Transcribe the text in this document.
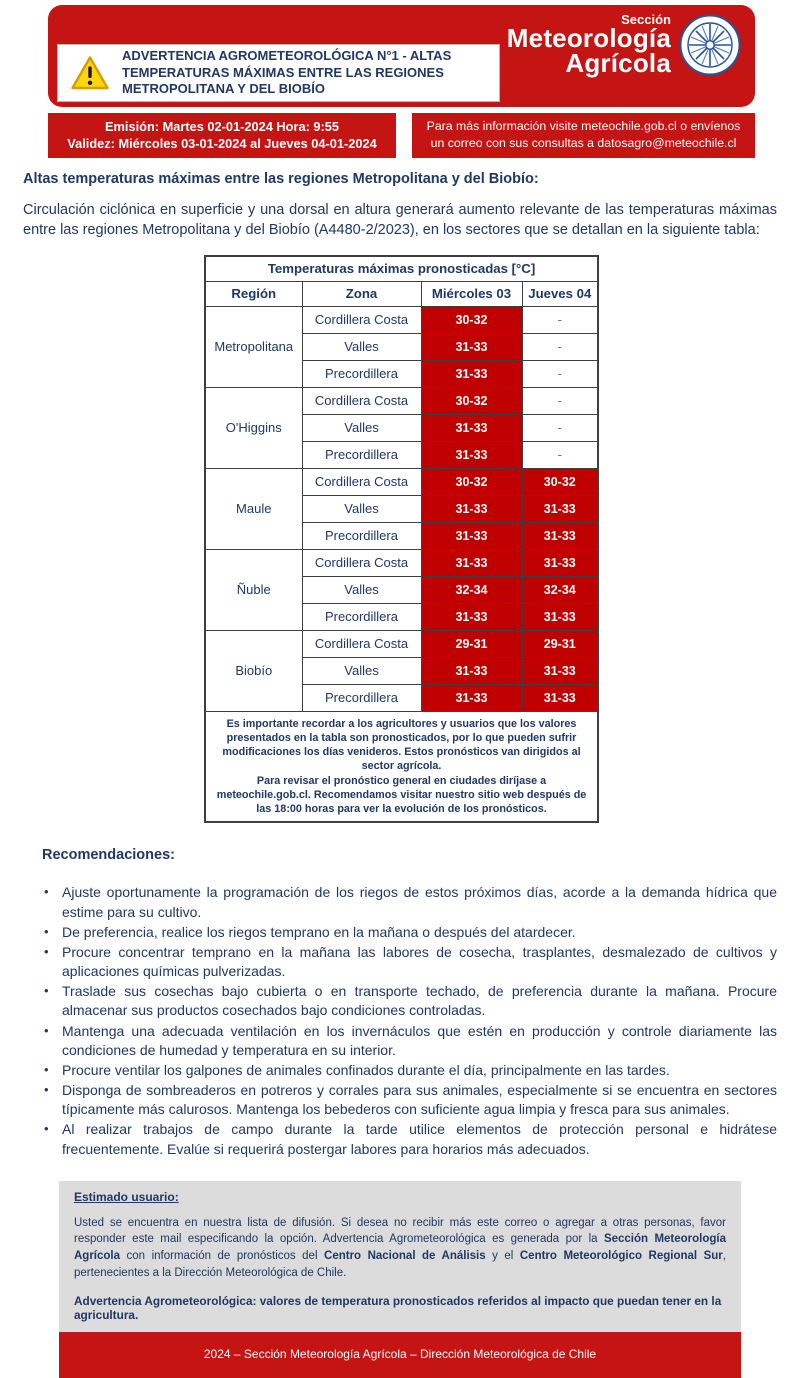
ADVERTENCIA AGROMETEOROLÓGICA N°1 - ALTAS TEMPERATURAS MÁXIMAS ENTRE LAS REGIONES METROPOLITANA Y DEL BIOBÍO
Sección
Meteorología
Agrícola
Emisión: Martes 02-01-2024 Hora: 9:55
Validez: Miércoles 03-01-2024 al Jueves 04-01-2024
Para más información visite meteochile.gob.cl o envíenos
un correo con sus consultas a datosagro@meteochile.cl
Altas temperaturas máximas entre las regiones Metropolitana y del Biobío:
Circulación ciclónica en superficie y una dorsal en altura generará aumento relevante de las temperaturas máximas entre las regiones Metropolitana y del Biobío (A4480-2/2023), en los sectores que se detallan en la siguiente tabla:
Temperaturas máximas pronosticadas [°C]			
Región	Zona	Miércoles 03	Jueves 04
Metropolitana	Cordillera Costa	30-32	-
	Valles	31-33	-
	Precordillera	31-33	-
O'Higgins	Cordillera Costa	30-32	-
	Valles	31-33	-
	Precordillera	31-33	-
Maule	Cordillera Costa	30-32	30-32
	Valles	31-33	31-33
	Precordillera	31-33	31-33
Ñuble	Cordillera Costa	31-33	31-33
	Valles	32-34	32-34
	Precordillera	31-33	31-33
Biobío	Cordillera Costa	29-31	29-31
	Valles	31-33	31-33
	Precordillera	31-33	31-33

Es importante recordar a los agricultores y usuarios que los valores presentados en la tabla son pronosticados, por lo que pueden sufrir modificaciones los días venideros. Estos pronósticos van dirigidos al sector agrícola.
Para revisar el pronóstico general en ciudades diríjase a meteochile.gob.cl. Recomendamos visitar nuestro sitio web después de las 18:00 horas para ver la evolución de los pronósticos.			
Recomendaciones:
• Ajuste oportunamente la programación de los riegos de estos próximos días, acorde a la demanda hídrica que estime para su cultivo.
• De preferencia, realice los riegos temprano en la mañana o después del atardecer.
• Procure concentrar temprano en la mañana las labores de cosecha, trasplantes, desmalezado de cultivos y aplicaciones químicas pulverizadas.
• Traslade sus cosechas bajo cubierta o en transporte techado, de preferencia durante la mañana. Procure almacenar sus productos cosechados bajo condiciones controladas.
• Mantenga una adecuada ventilación en los invernáculos que estén en producción y controle diariamente las condiciones de humedad y temperatura en su interior.
• Procure ventilar los galpones de animales confinados durante el día, principalmente en las tardes.
• Disponga de sombreaderos en potreros y corrales para sus animales, especialmente si se encuentra en sectores típicamente más calurosos. Mantenga los bebederos con suficiente agua limpia y fresca para sus animales.
• Al realizar trabajos de campo durante la tarde utilice elementos de protección personal e hidrátese frecuentemente. Evalúe si requerirá postergar labores para horarios más adecuados.
Estimado usuario:
Usted se encuentra en nuestra lista de difusión. Si desea no recibir más este correo o agregar a otras personas, favor responder este mail especificando la opción. Advertencia Agrometeorológica es generada por la Sección Meteorología Agrícola con información de pronósticos del Centro Nacional de Análisis y el Centro Meteorológico Regional Sur, pertenecientes a la Dirección Meteorológica de Chile.
Advertencia Agrometeorológica: valores de temperatura pronosticados referidos al impacto que puedan tener en la agricultura.
2024 – Sección Meteorología Agrícola – Dirección Meteorológica de Chile
